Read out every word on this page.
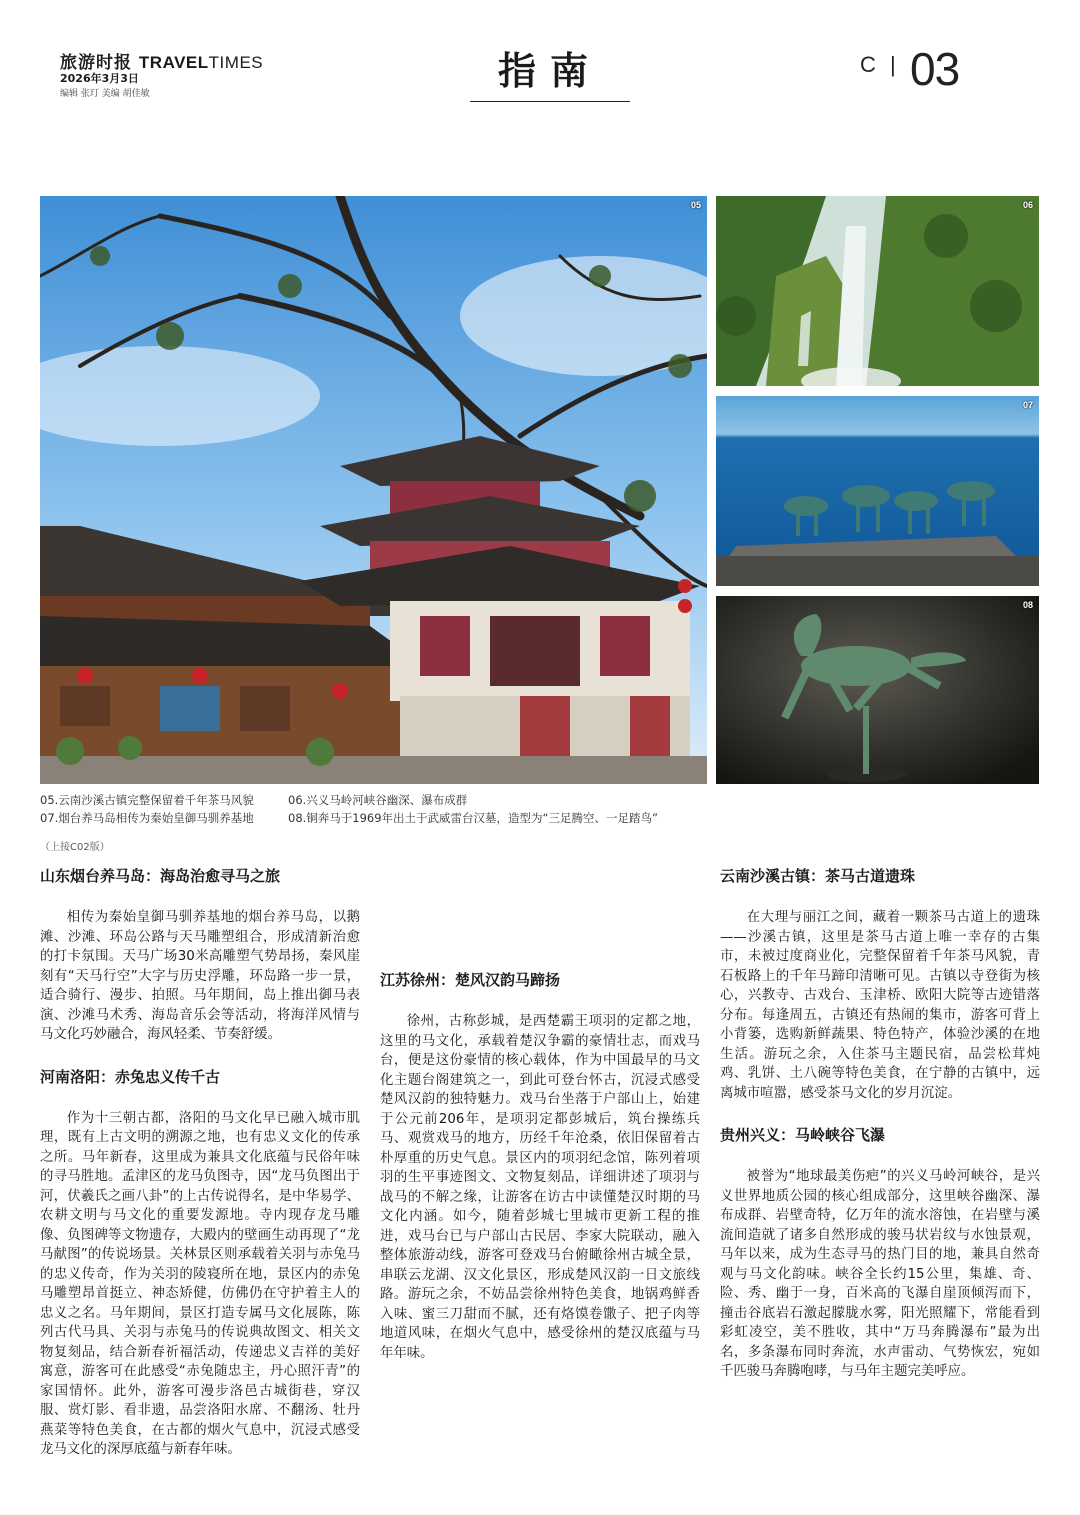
旅游时报 TRAVELTIMES
2026年3月3日
编辑 张玎 美编 胡佳敏
指南	C | 03
05	06
07
08
05.云南沙溪古镇完整保留着千年茶马风貌	06.兴义马岭河峡谷幽深、瀑布成群
07.烟台养马岛相传为秦始皇御马驯养基地	08.铜奔马于1969年出土于武威雷台汉墓，造型为“三足腾空、一足踏鸟”
（上接C02版）
山东烟台养马岛：海岛治愈寻马之旅

相传为秦始皇御马驯养基地的烟台养马岛，以鹅滩、沙滩、环岛公路与天马雕塑组合，形成清新治愈的打卡氛围。天马广场30米高雕塑气势昂扬，秦风崖刻有“天马行空”大字与历史浮雕，环岛路一步一景，适合骑行、漫步、拍照。马年期间，岛上推出御马表演、沙滩马术秀、海岛音乐会等活动，将海洋风情与马文化巧妙融合，海风轻柔、节奏舒缓。

河南洛阳：赤兔忠义传千古

作为十三朝古都，洛阳的马文化早已融入城市肌理，既有上古文明的溯源之地，也有忠义文化的传承之所。马年新春，这里成为兼具文化底蕴与民俗年味的寻马胜地。孟津区的龙马负图寺，因“龙马负图出于河，伏羲氏之画八卦”的上古传说得名，是中华易学、农耕文明与马文化的重要发源地。寺内现存龙马雕像、负图碑等文物遗存，大殿内的壁画生动再现了“龙马献图”的传说场景。关林景区则承载着关羽与赤兔马的忠义传奇，作为关羽的陵寝所在地，景区内的赤兔马雕塑昂首挺立、神态矫健，仿佛仍在守护着主人的忠义之名。马年期间，景区打造专属马文化展陈，陈列古代马具、关羽与赤兔马的传说典故图文、相关文物复刻品，结合新春祈福活动，传递忠义吉祥的美好寓意，游客可在此感受“赤兔随忠主，丹心照汗青”的家国情怀。此外，游客可漫步洛邑古城街巷，穿汉服、赏灯影、看非遗，品尝洛阳水席、不翻汤、牡丹燕菜等特色美食，在古都的烟火气息中，沉浸式感受龙马文化的深厚底蕴与新春年味。

江苏徐州：楚风汉韵马蹄扬

徐州，古称彭城，是西楚霸王项羽的定都之地，这里的马文化，承载着楚汉争霸的豪情壮志，而戏马台，便是这份豪情的核心载体，作为中国最早的马文化主题台阁建筑之一，到此可登台怀古，沉浸式感受楚风汉韵的独特魅力。戏马台坐落于户部山上，始建于公元前206年，是项羽定都彭城后，筑台操练兵马、观赏戏马的地方，历经千年沧桑，依旧保留着古朴厚重的历史气息。景区内的项羽纪念馆，陈列着项羽的生平事迹图文、文物复刻品，详细讲述了项羽与战马的不解之缘，让游客在访古中读懂楚汉时期的马文化内涵。如今，随着彭城七里城市更新工程的推进，戏马台已与户部山古民居、李家大院联动，融入整体旅游动线，游客可登戏马台俯瞰徐州古城全景，串联云龙湖、汉文化景区，形成楚风汉韵一日文旅线路。游玩之余，不妨品尝徐州特色美食，地锅鸡鲜香入味、蜜三刀甜而不腻，还有烙馍卷馓子、把子肉等地道风味，在烟火气息中，感受徐州的楚汉底蕴与马年年味。

云南沙溪古镇：茶马古道遗珠

在大理与丽江之间，藏着一颗茶马古道上的遗珠——沙溪古镇，这里是茶马古道上唯一幸存的古集市，未被过度商业化，完整保留着千年茶马风貌，青石板路上的千年马蹄印清晰可见。古镇以寺登街为核心，兴教寺、古戏台、玉津桥、欧阳大院等古迹错落分布。每逢周五，古镇还有热闹的集市，游客可背上小背篓，选购新鲜蔬果、特色特产，体验沙溪的在地生活。游玩之余，入住茶马主题民宿，品尝松茸炖鸡、乳饼、土八碗等特色美食，在宁静的古镇中，远离城市喧嚣，感受茶马文化的岁月沉淀。

贵州兴义：马岭峡谷飞瀑

被誉为“地球最美伤疤”的兴义马岭河峡谷，是兴义世界地质公园的核心组成部分，这里峡谷幽深、瀑布成群、岩壁奇特，亿万年的流水溶蚀，在岩壁与溪流间造就了诸多自然形成的骏马状岩纹与水蚀景观，马年以来，成为生态寻马的热门目的地，兼具自然奇观与马文化韵味。峡谷全长约15公里，集雄、奇、险、秀、幽于一身，百米高的飞瀑自崖顶倾泻而下，撞击谷底岩石激起朦胧水雾，阳光照耀下，常能看到彩虹凌空，美不胜收，其中“万马奔腾瀑布”最为出名，多条瀑布同时奔流，水声雷动、气势恢宏，宛如千匹骏马奔腾咆哮，与马年主题完美呼应。
